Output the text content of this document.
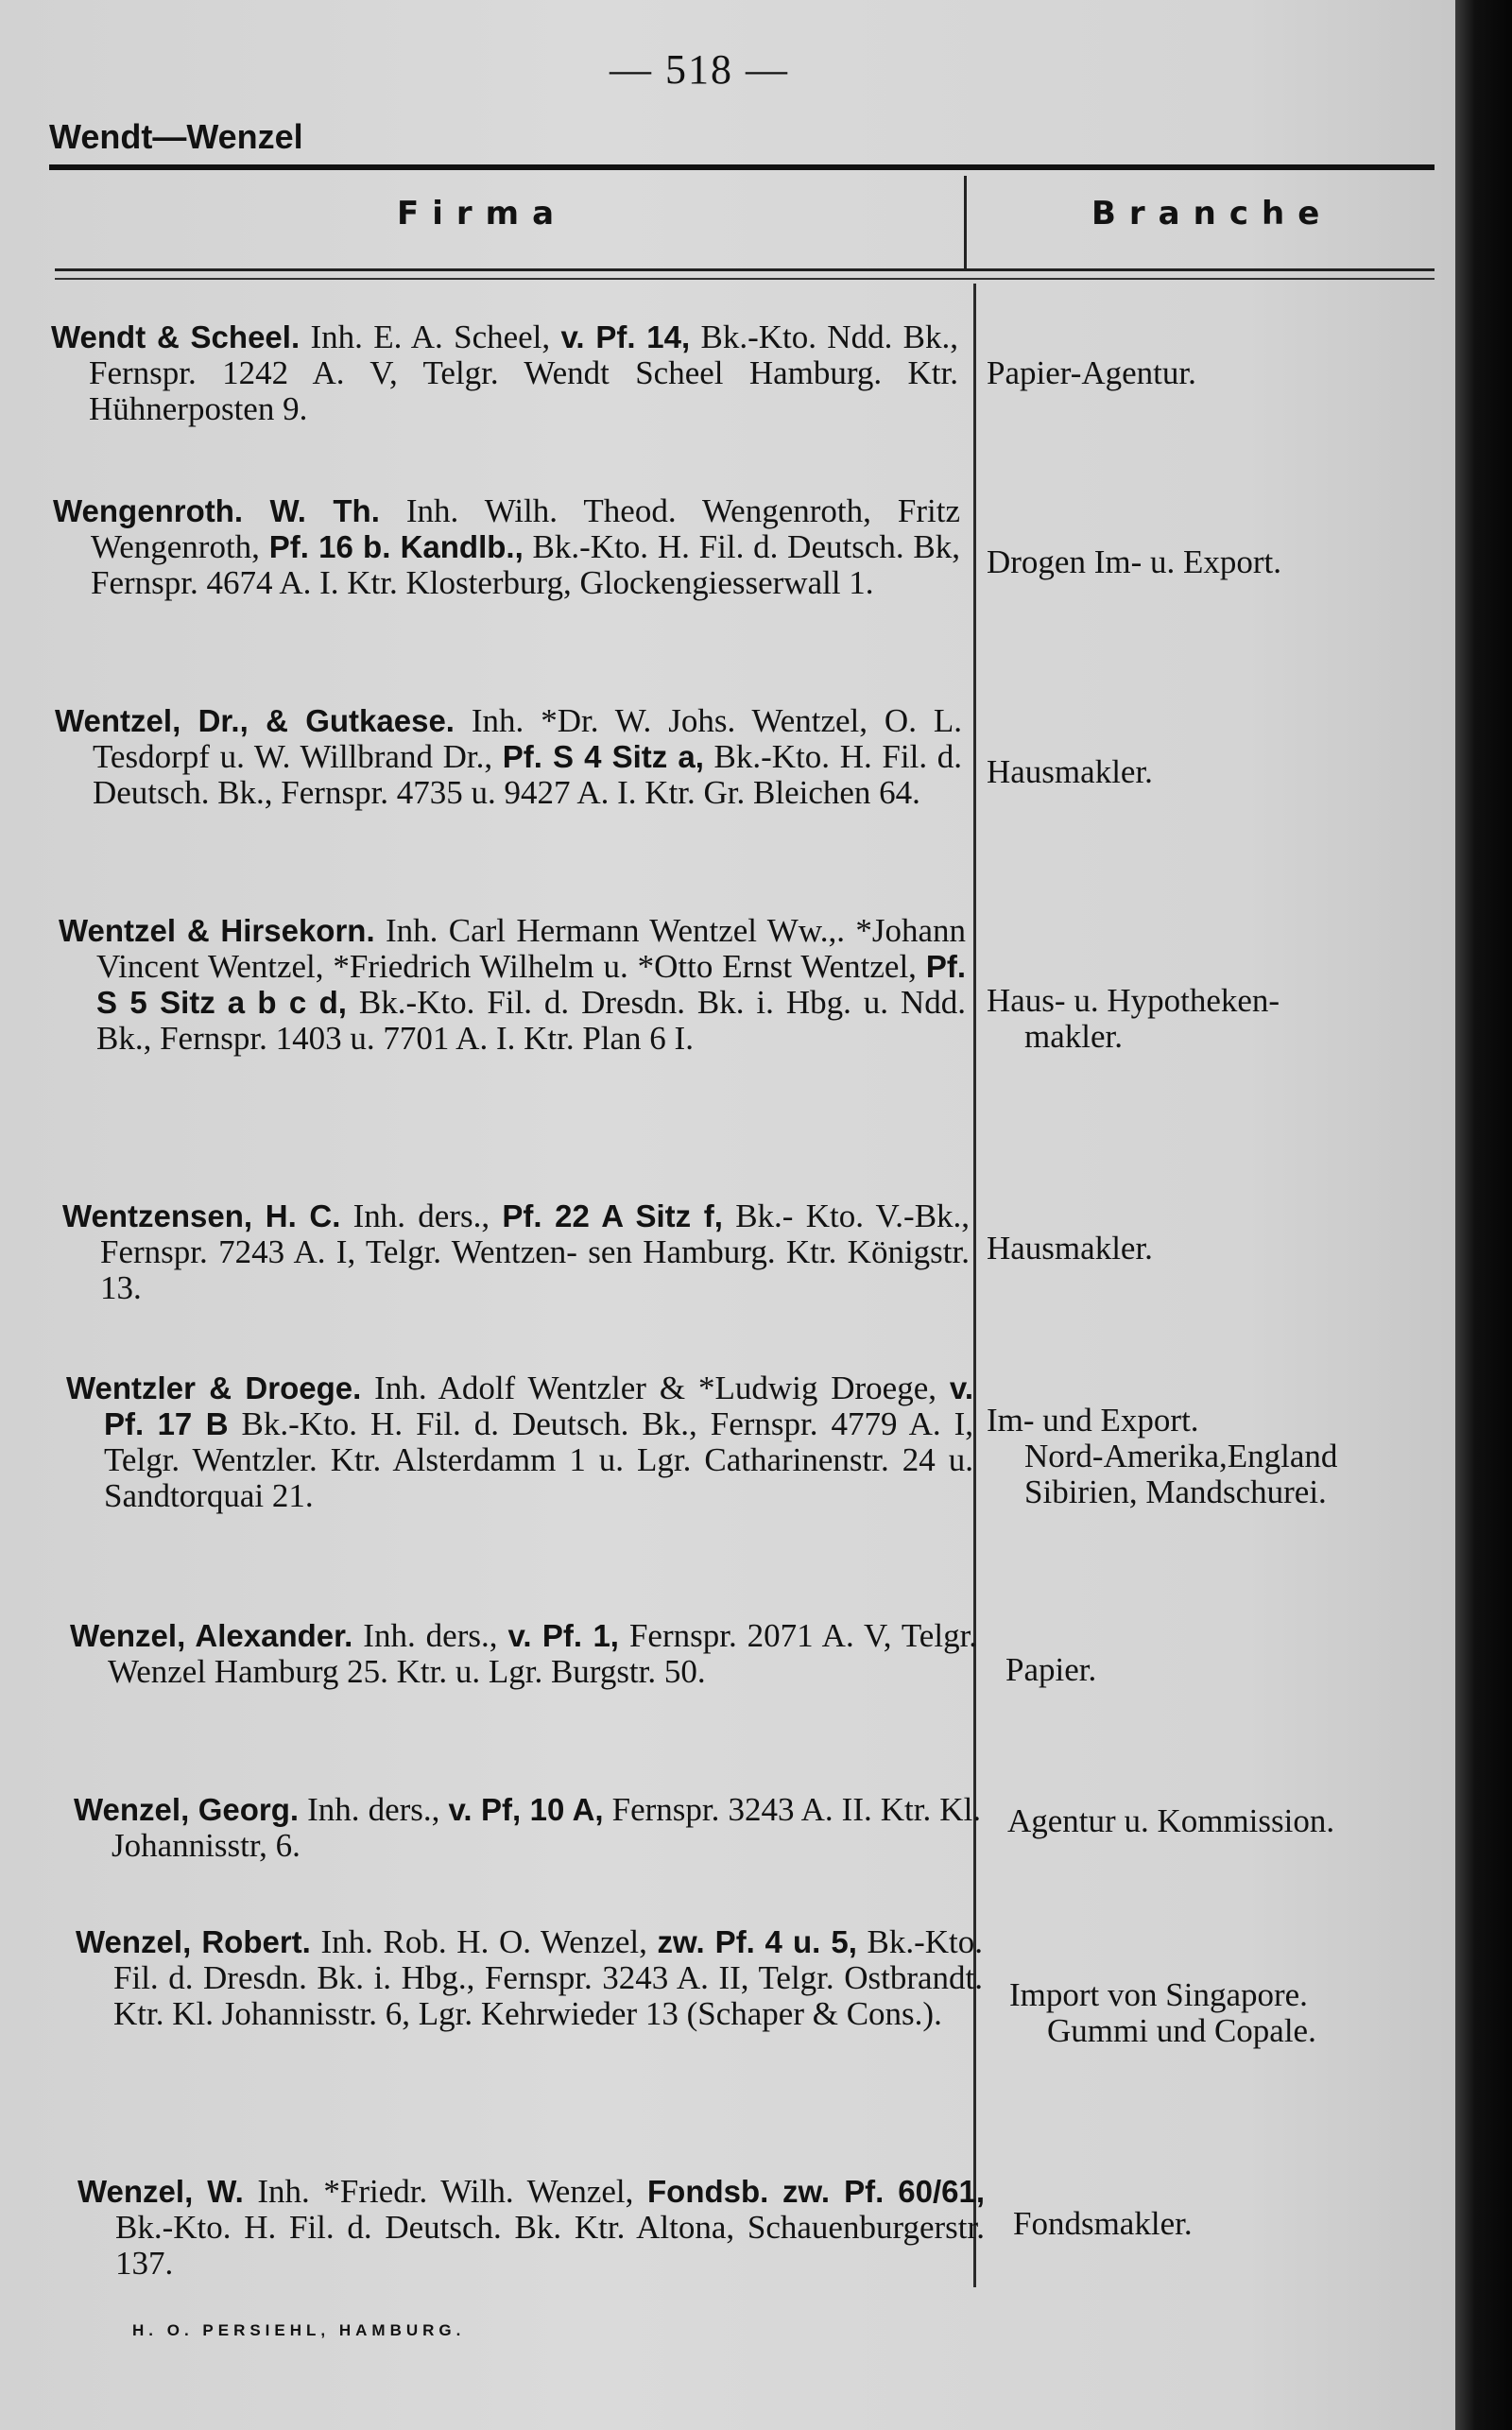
— 518 —
Wendt—Wenzel
Firma	Branche
Wendt & Scheel. Inh. E. A. Scheel, v. Pf. 14, Bk.-Kto. Ndd. Bk., Fernspr. 1242 A. V, Telgr. Wendt Scheel Hamburg. Ktr. Hühnerposten 9.
Papier-Agentur.
Wengenroth. W. Th. Inh. Wilh. Theod. Wengenroth, Fritz Wengenroth, Pf. 16 b. Kandlb., Bk.-Kto. H. Fil. d. Deutsch. Bk, Fernspr. 4674 A. I. Ktr. Klosterburg, Glockengiesserwall 1.
Drogen Im- u. Export.
Wentzel, Dr., & Gutkaese. Inh. *Dr. W. Johs. Wentzel, O. L. Tesdorpf u. W. Willbrand Dr., Pf. S 4 Sitz a, Bk.-Kto. H. Fil. d. Deutsch. Bk., Fernspr. 4735 u. 9427 A. I. Ktr. Gr. Bleichen 64.
Hausmakler.
Wentzel & Hirsekorn. Inh. Carl Hermann Wentzel Ww.,. *Johann Vincent Wentzel, *Friedrich Wilhelm u. *Otto Ernst Wentzel, Pf. S 5 Sitz a b c d, Bk.-Kto. Fil. d. Dresdn. Bk. i. Hbg. u. Ndd. Bk., Fernspr. 1403 u. 7701 A. I. Ktr. Plan 6 I.
Haus- u. Hypotheken-
makler.
Wentzensen, H. C. Inh. ders., Pf. 22 A Sitz f, Bk.- Kto. V.-Bk., Fernspr. 7243 A. I, Telgr. Wentzen- sen Hamburg. Ktr. Königstr. 13.
Hausmakler.
Wentzler & Droege. Inh. Adolf Wentzler & *Ludwig Droege, v. Pf. 17 B Bk.-Kto. H. Fil. d. Deutsch. Bk., Fernspr. 4779 A. I, Telgr. Wentzler. Ktr. Alsterdamm 1 u. Lgr. Catharinenstr. 24 u. Sandtorquai 21.
Im- und Export.
Nord-Amerika,England
Sibirien, Mandschurei.
Wenzel, Alexander. Inh. ders., v. Pf. 1, Fernspr. 2071 A. V, Telgr. Wenzel Hamburg 25. Ktr. u. Lgr. Burgstr. 50.	Papier.
Wenzel, Georg. Inh. ders., v. Pf, 10 A, Fernspr. 3243 A. II. Ktr. Kl. Johannisstr, 6.
Agentur u. Kommission.
Wenzel, Robert. Inh. Rob. H. O. Wenzel, zw. Pf. 4 u. 5, Bk.-Kto. Fil. d. Dresdn. Bk. i. Hbg., Fernspr. 3243 A. II, Telgr. Ostbrandt. Ktr. Kl. Johannisstr. 6, Lgr. Kehrwieder 13 (Schaper & Cons.).
Import von Singapore.
Gummi und Copale.
Wenzel, W. Inh. *Friedr. Wilh. Wenzel, Fondsb. zw. Pf. 60/61, Bk.-Kto. H. Fil. d. Deutsch. Bk. Ktr. Altona, Schauenburgerstr. 137.
Fondsmakler.
H. O. PERSIEHL, HAMBURG.
